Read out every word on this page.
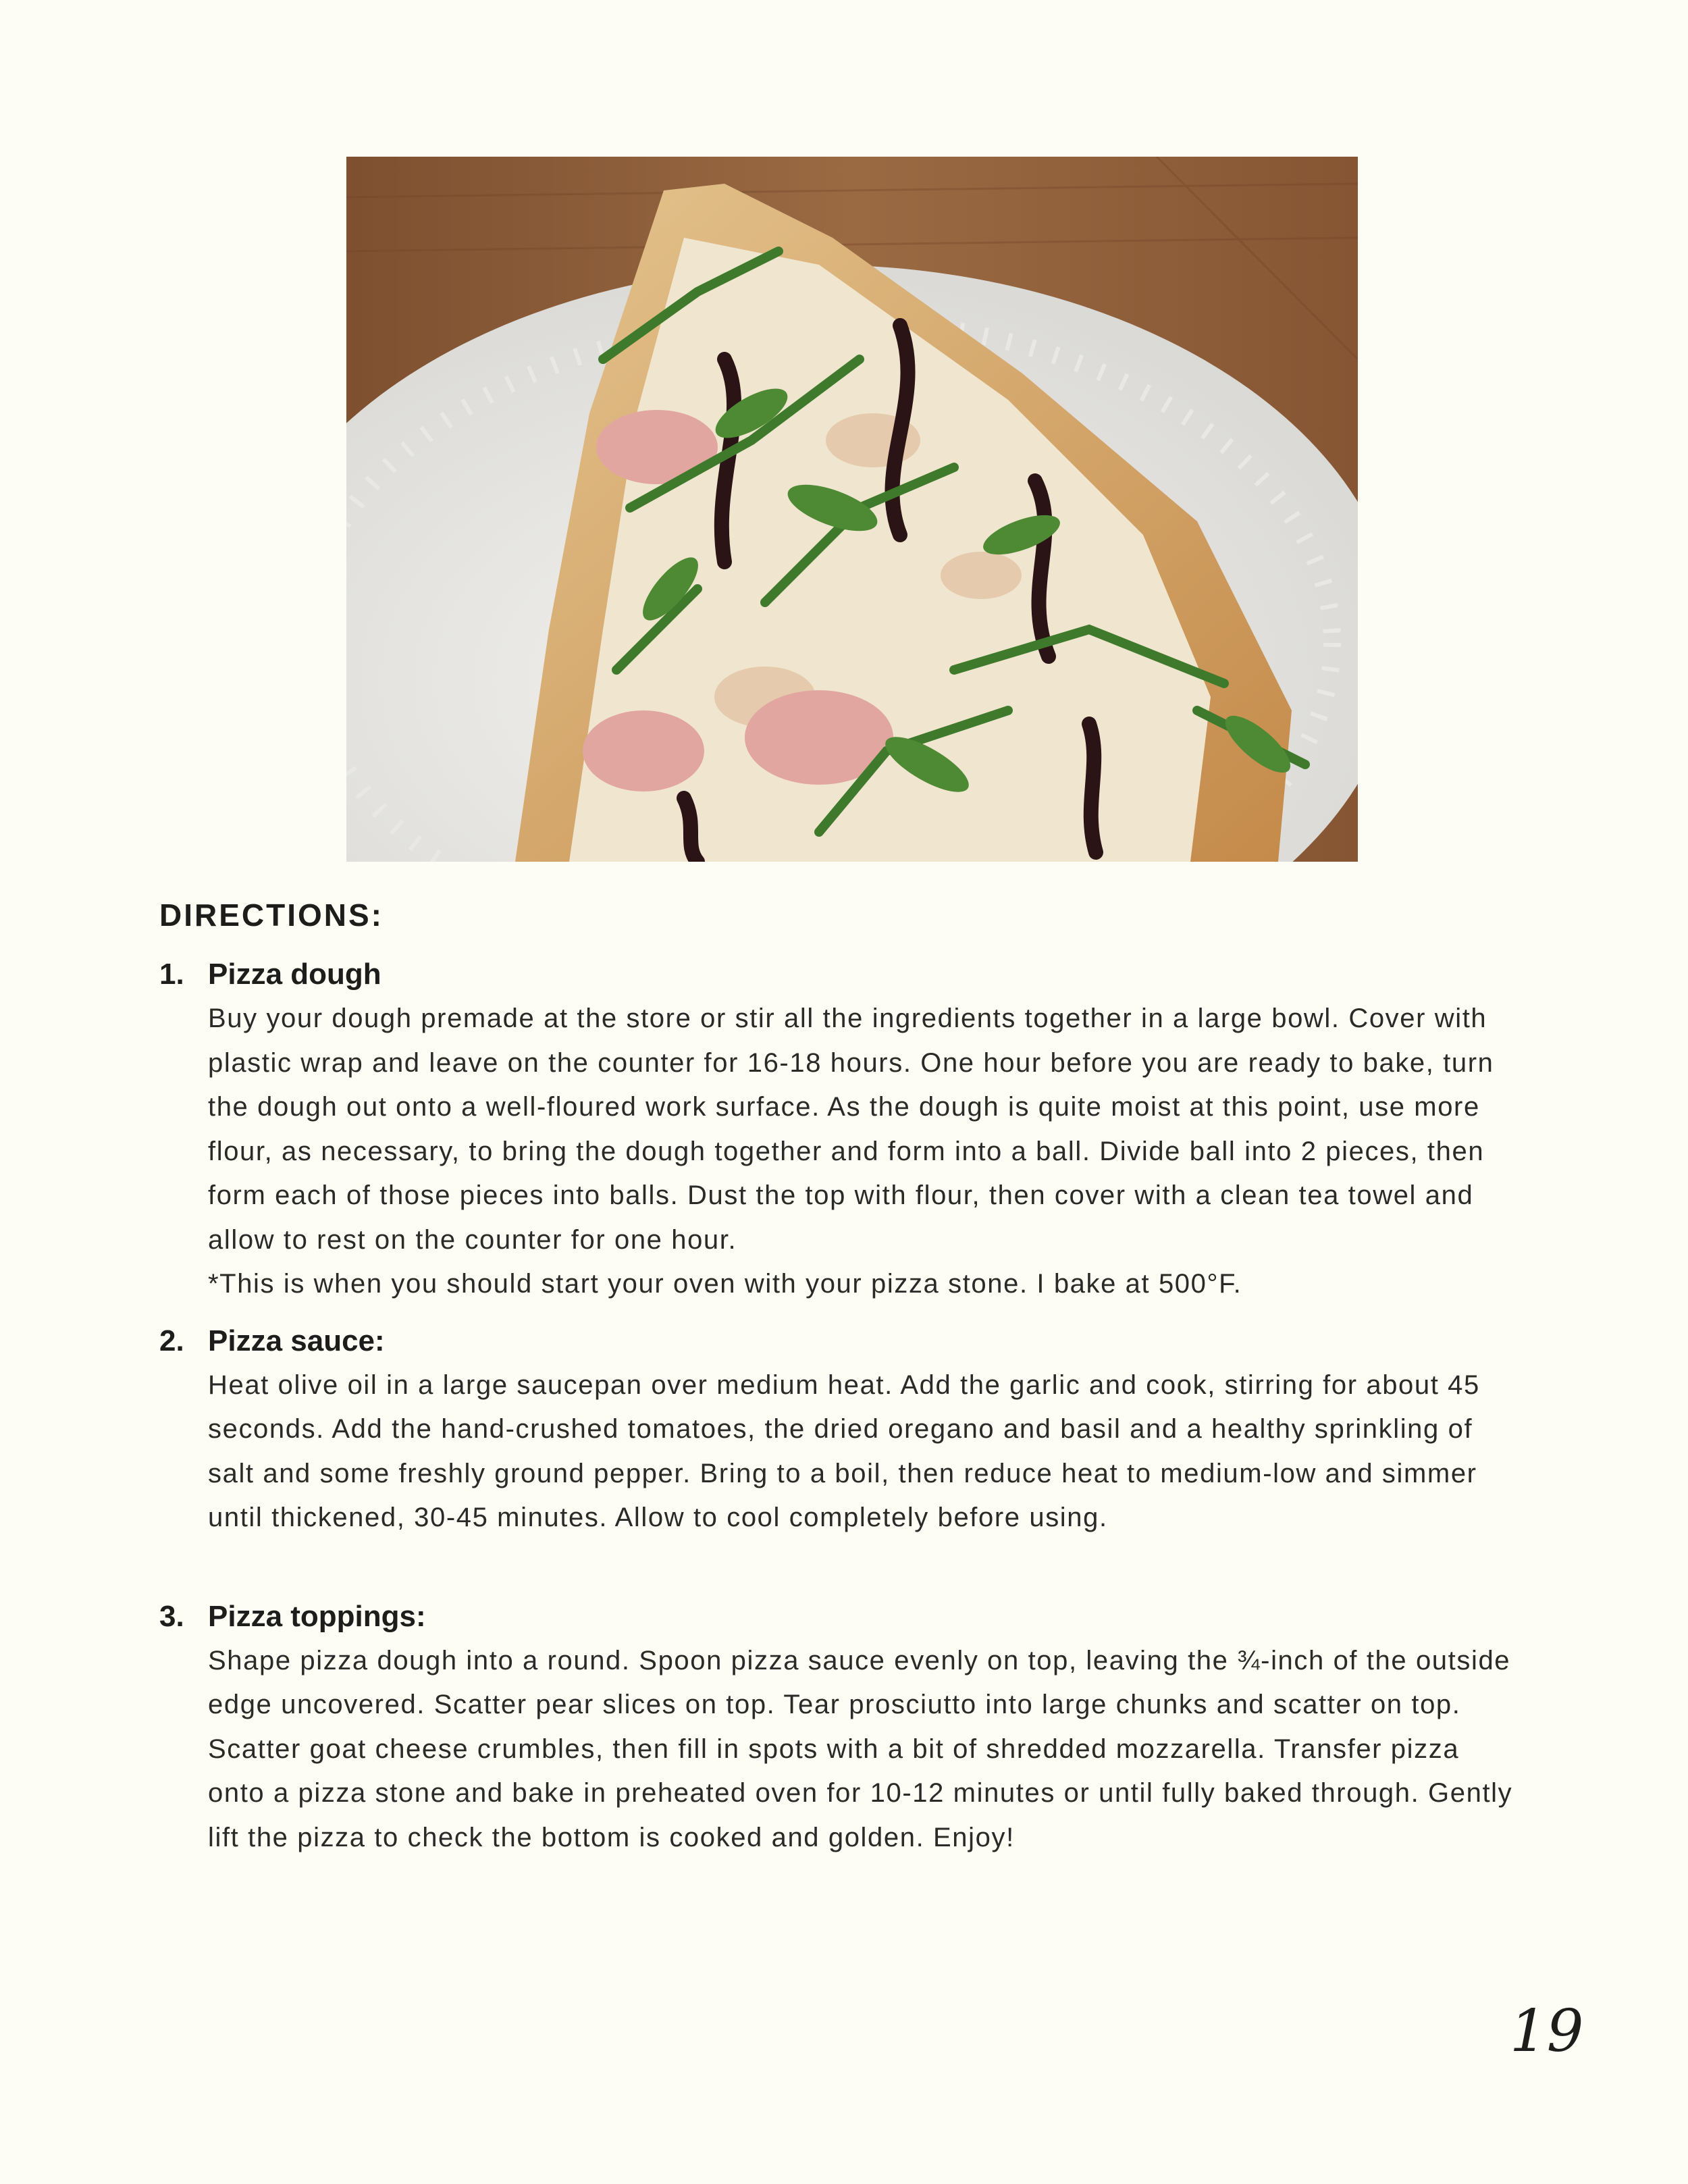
DIRECTIONS:
1. Pizza dough

Buy your dough premade at the store or stir all the ingredients together in a large bowl. Cover with plastic wrap and leave on the counter for 16-18 hours. One hour before you are ready to bake, turn the dough out onto a well-floured work surface. As the dough is quite moist at this point, use more flour, as necessary, to bring the dough together and form into a ball. Divide ball into 2 pieces, then form each of those pieces into balls. Dust the top with flour, then cover with a clean tea towel and allow to rest on the counter for one hour.

*This is when you should start your oven with your pizza stone. I bake at 500°F.

2. Pizza sauce:

Heat olive oil in a large saucepan over medium heat. Add the garlic and cook, stirring for about 45 seconds. Add the hand-crushed tomatoes, the dried oregano and basil and a healthy sprinkling of salt and some freshly ground pepper. Bring to a boil, then reduce heat to medium-low and simmer until thickened, 30-45 minutes. Allow to cool completely before using.

3. Pizza toppings:

Shape pizza dough into a round. Spoon pizza sauce evenly on top, leaving the ¾-inch of the outside edge uncovered. Scatter pear slices on top. Tear prosciutto into large chunks and scatter on top. Scatter goat cheese crumbles, then fill in spots with a bit of shredded mozzarella. Transfer pizza onto a pizza stone and bake in preheated oven for 10-12 minutes or until fully baked through. Gently lift the pizza to check the bottom is cooked and golden. Enjoy!

19
